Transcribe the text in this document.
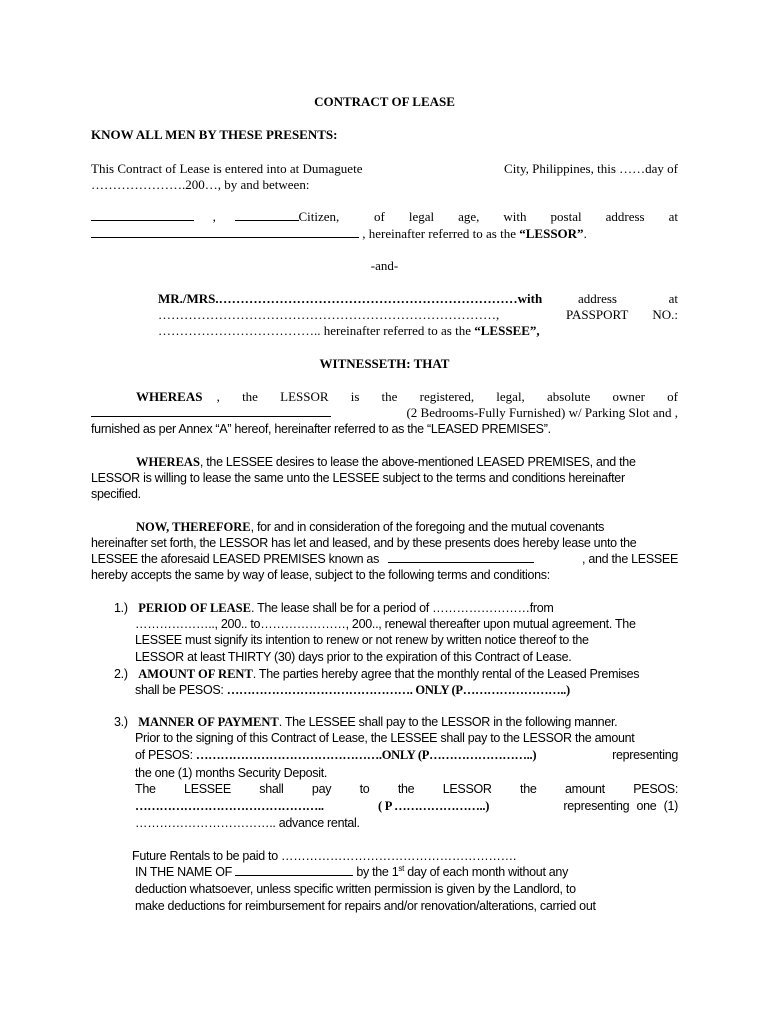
CONTRACT OF LEASE
KNOW ALL MEN BY THESE PRESENTS:
This Contract of Lease is entered into at Dumaguete	City, Philippines, this ……day of
………………….200…, by and between:
,	Citizen,	of legal age, with postal address at
, hereinafter referred to as the “LESSOR”.
-and-
MR./MRS.……………………………………………………………with	address	at
……………………………………………………………………,	PASSPORT NO.:
……………………………….. hereinafter referred to as the “LESSEE”,
WITNESSETH: THAT
WHEREAS , the LESSOR is the registered, legal, absolute owner of
(2 Bedrooms-Fully Furnished) w/ Parking Slot and ,
furnished as per Annex “A” hereof, hereinafter referred to as the “LEASED PREMISES”.
WHEREAS, the LESSEE desires to lease the above-mentioned LEASED PREMISES, and the
LESSOR is willing to lease the same unto the LESSEE subject to the terms and conditions hereinafter
specified.
NOW, THEREFORE, for and in consideration of the foregoing and the mutual covenants
hereinafter set forth, the LESSOR has let and leased, and by these presents does hereby lease unto the
LESSEE the aforesaid LEASED PREMISES known as	, and the LESSEE
hereby accepts the same by way of lease, subject to the following terms and conditions:
1.) PERIOD OF LEASE. The lease shall be for a period of ……………………from
……………….., 200.. to…………………, 200.., renewal thereafter upon mutual agreement. The
LESSEE must signify its intention to renew or not renew by written notice thereof to the
LESSOR at least THIRTY (30) days prior to the expiration of this Contract of Lease.
2.) AMOUNT OF RENT. The parties hereby agree that the monthly rental of the Leased Premises
shall be PESOS: ………………………………………. ONLY (P……………………..)
3.) MANNER OF PAYMENT. The LESSEE shall pay to the LESSOR in the following manner.
Prior to the signing of this Contract of Lease, the LESSEE shall pay to the LESSOR the amount
of PESOS: ……………………………………….ONLY (P……………………..)	representing
the one (1) months Security Deposit.
The LESSEE shall pay to the LESSOR the amount PESOS:
………………………………………..	( P …………………..)	representing one (1)
…………………………….. advance rental.
Future Rentals to be paid to ………………………………………………….
IN THE NAME OF	by the 1st day of each month without any
deduction whatsoever, unless specific written permission is given by the Landlord, to
make deductions for reimbursement for repairs and/or renovation/alterations, carried out
